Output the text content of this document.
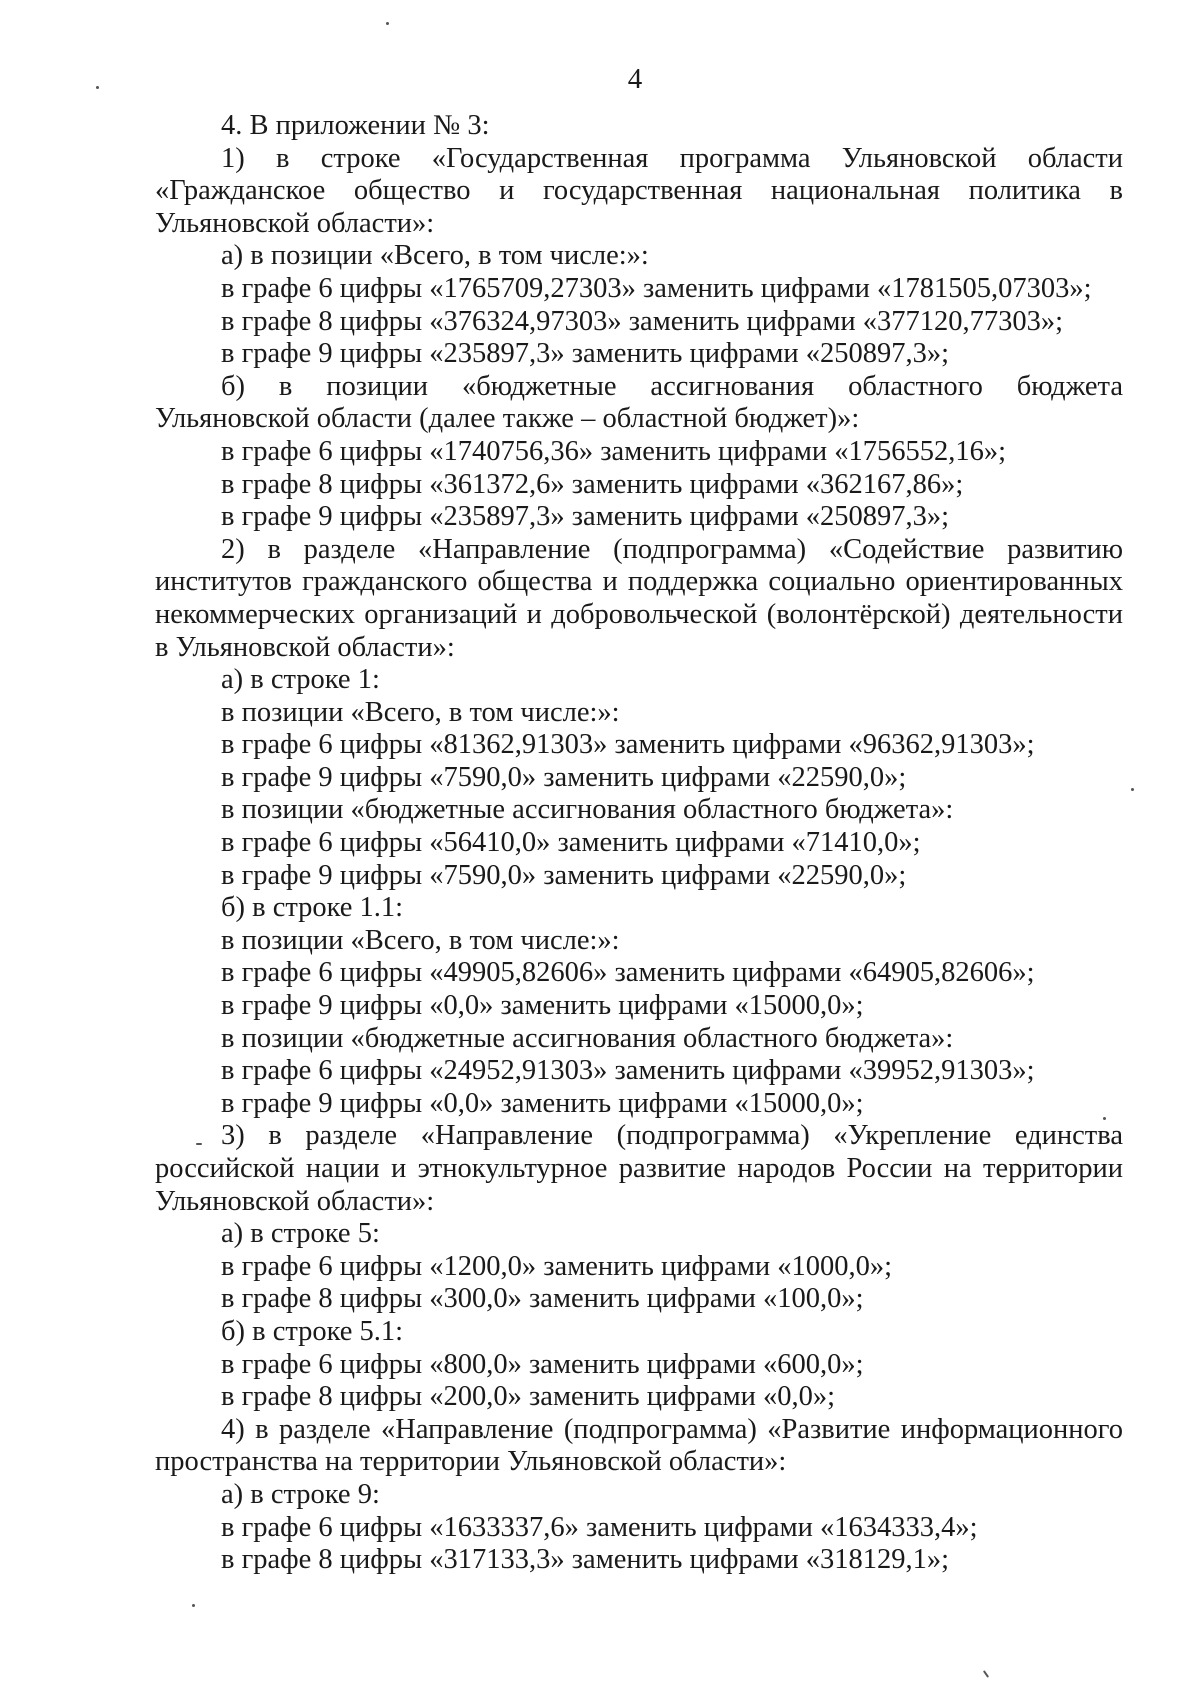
4

4. В приложении № 3:

1) в строке «Государственная программа Ульяновской области «Гражданское общество и государственная национальная политика в Ульяновской области»:

а) в позиции «Всего, в том числе:»:

в графе 6 цифры «1765709,27303» заменить цифрами «1781505,07303»;

в графе 8 цифры «376324,97303» заменить цифрами «377120,77303»;

в графе 9 цифры «235897,3» заменить цифрами «250897,3»;

б) в позиции «бюджетные ассигнования областного бюджета Ульяновской области (далее также – областной бюджет)»:

в графе 6 цифры «1740756,36» заменить цифрами «1756552,16»;

в графе 8 цифры «361372,6» заменить цифрами «362167,86»;

в графе 9 цифры «235897,3» заменить цифрами «250897,3»;

2) в разделе «Направление (подпрограмма) «Содействие развитию институтов гражданского общества и поддержка социально ориентированных некоммерческих организаций и добровольческой (волонтёрской) деятельности в Ульяновской области»:

а) в строке 1:

в позиции «Всего, в том числе:»:

в графе 6 цифры «81362,91303» заменить цифрами «96362,91303»;

в графе 9 цифры «7590,0» заменить цифрами «22590,0»;

в позиции «бюджетные ассигнования областного бюджета»:

в графе 6 цифры «56410,0» заменить цифрами «71410,0»;

в графе 9 цифры «7590,0» заменить цифрами «22590,0»;

б) в строке 1.1:

в позиции «Всего, в том числе:»:

в графе 6 цифры «49905,82606» заменить цифрами «64905,82606»;

в графе 9 цифры «0,0» заменить цифрами «15000,0»;

в позиции «бюджетные ассигнования областного бюджета»:

в графе 6 цифры «24952,91303» заменить цифрами «39952,91303»;

в графе 9 цифры «0,0» заменить цифрами «15000,0»;

3) в разделе «Направление (подпрограмма) «Укрепление единства российской нации и этнокультурное развитие народов России на территории Ульяновской области»:

а) в строке 5:

в графе 6 цифры «1200,0» заменить цифрами «1000,0»;

в графе 8 цифры «300,0» заменить цифрами «100,0»;

б) в строке 5.1:

в графе 6 цифры «800,0» заменить цифрами «600,0»;

в графе 8 цифры «200,0» заменить цифрами «0,0»;

4) в разделе «Направление (подпрограмма) «Развитие информационного пространства на территории Ульяновской области»:

а) в строке 9:

в графе 6 цифры «1633337,6» заменить цифрами «1634333,4»;

в графе 8 цифры «317133,3» заменить цифрами «318129,1»;
